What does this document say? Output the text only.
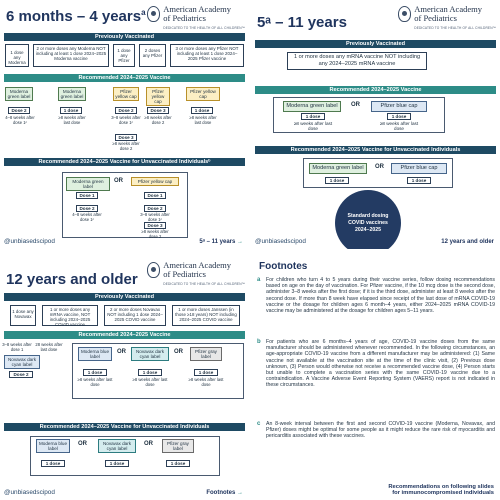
6 months – 4 years$^a$ American Academy
of Pediatrics
DEDICATED TO THE HEALTH OF ALL CHILDREN™
Previously Vaccinated
1 dose any Moderna
2 or more doses any Moderna NOT including at least 1 dose 2024–2025 Moderna vaccine
1 dose any Pfizer
2 doses any Pfizer
3 or more doses any Pfizer NOT including at least 1 dose 2024–2025 Pfizer vaccine
Recommended 2024–2025 Vaccine
Moderna green label
Moderna green label
Pfizer yellow cap
Pfizer yellow cap
Pfizer yellow cap
Dose 2	1 dose	Dose 2	Dose 3	1 dose
4–8 weeks after dose 1ᶜ
≥8 weeks after last dose
3–8 weeks after dose 1ᶜ
≥8 weeks after dose 2
≥8 weeks after last dose
Dose 3
≥8 weeks after dose 2
Recommended 2024–2025 Vaccine for Unvaccinated Individualsᵇ
Moderna green label
OR	Pfizer yellow cap
Dose 1
Dose 2
4–8 weeks after dose 1ᶜ
Dose 1
Dose 2
3–8 weeks after dose 1ᶜ
Dose 3
≥8 weeks after dose 2
@unbiasedscipod	5ᵃ – 11 years →
5ᵃ – 11 years
American Academy
of Pediatrics
DEDICATED TO THE HEALTH OF ALL CHILDREN™
Previously Vaccinated
1 or more doses any mRNA vaccine NOT including any 2024–2025 mRNA vaccine
Recommended 2024–2025 Vaccine
Moderna green label	OR	Pfizer blue cap
1 dose
≥8 weeks after last dose
1 dose
≥8 weeks after last dose
Recommended 2024–2025 Vaccine for Unvaccinated Individuals
Moderna green label	OR	Pfizer blue cap
1 dose	1 dose
Standard dosing
COVID vaccines
2024–2025
@unbiasedscipod	12 years and older
12 years and older
American Academy
of Pediatrics
DEDICATED TO THE HEALTH OF ALL CHILDREN™
Previously Vaccinated
1 dose any Novavax
1 or more doses any mRNA vaccine, NOT including 2024–2025 COVID vaccine
2 or more doses Novavax NOT including 1 dose 2024–2025 COVID vaccine
1 or more doses Janssen (in those ≥18 years) NOT including 2024–2025 COVID vaccine
Recommended 2024–2025 Vaccine
3–8 weeks after dose 1
28 weeks after last dose
Novavax dark cyan label
Dose 2
Moderna blue label
OR	Novavax dark cyan label
OR	Pfizer gray label
1 dose
≥8 weeks after last dose
1 dose
≥8 weeks after last dose
1 dose
≥8 weeks after last dose
Recommended 2024–2025 Vaccine for Unvaccinated Individuals
Moderna blue label
OR	Novavax dark cyan label
OR	Pfizer gray label
1 dose	1 dose	1 dose
@unbiasedscipod	Footnotes →
Footnotes
a For children who turn 4 to 5 years during their vaccine series, follow dosing recommendations based on age on the day of vaccination. For Pfizer vaccine, if the 10 mcg dose is the second dose, administer 3–8 weeks after the first dose; if it is the third dose, administer at least 8 weeks after the second dose. If more than 8 week have elapsed since receipt of the last dose of mRNA COVID-19 vaccine or the dosage for children ages 6 month–4 years, either 2024–2025 mRNA COVID-19 vaccine may be administered at the dosage for children ages 5–11 years.
b For patients who are 6 months–4 years of age, COVID-19 vaccine doses from the same manufacturer should be administered whenever recommended. In the following circumstances, an age-appropriate COVID-19 vaccine from a different manufacturer may be administered: (1) Same vaccine not available at the vaccination site at the time of the clinic visit, (2) Previous dose unknown, (3) Person would otherwise not receive a recommended vaccine dose, (4) Person starts but unable to complete a vaccination series with the same COVID-19 vaccine due to a contraindication. A Vaccine Adverse Event Reporting System (VAERS) report is not indicated in these circumstances.
c An 8-week interval between the first and second COVID-19 vaccine (Moderna, Novavax, and Pfizer) doses might be optimal for some people as it might reduce the rare risk of myocarditis and pericarditis associated with these vaccines.
Recommendations on following slides
for immunocompromised individuals
